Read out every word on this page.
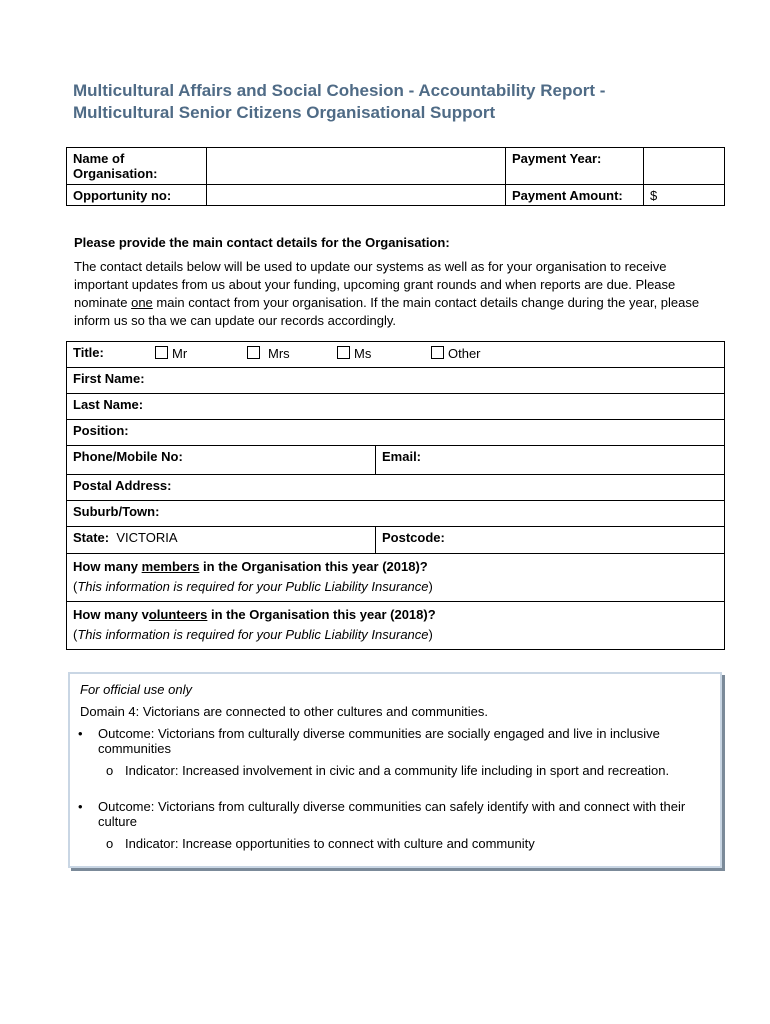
Multicultural Affairs and Social Cohesion - Accountability Report -
Multicultural Senior Citizens Organisational Support
Name of
Organisation:		Payment Year:	
Opportunity no:		Payment Amount:	$
Please provide the main contact details for the Organisation:
The contact details below will be used to update our systems as well as for your organisation to receive important updates from us about your funding, upcoming grant rounds and when reports are due. Please nominate one main contact from your organisation. If the main contact details change during the year, please inform us so tha we can update our records accordingly.
Title: Mr Mrs Ms Other	

First Name:	
Last Name:	
Position:	
Phone/Mobile No:	Email:
Postal Address:	
Suburb/Town:	
State: VICTORIA	Postcode:

How many members in the Organisation this year (2018)?
(This information is required for your Public Liability Insurance)	

How many volunteers in the Organisation this year (2018)?
(This information is required for your Public Liability Insurance)	
For official use only
Domain 4: Victorians are connected to other cultures and communities.
• Outcome: Victorians from culturally diverse communities are socially engaged and live in inclusive communities
o Indicator: Increased involvement in civic and a community life including in sport and recreation.
• Outcome: Victorians from culturally diverse communities can safely identify with and connect with their culture
o Indicator: Increase opportunities to connect with culture and community
